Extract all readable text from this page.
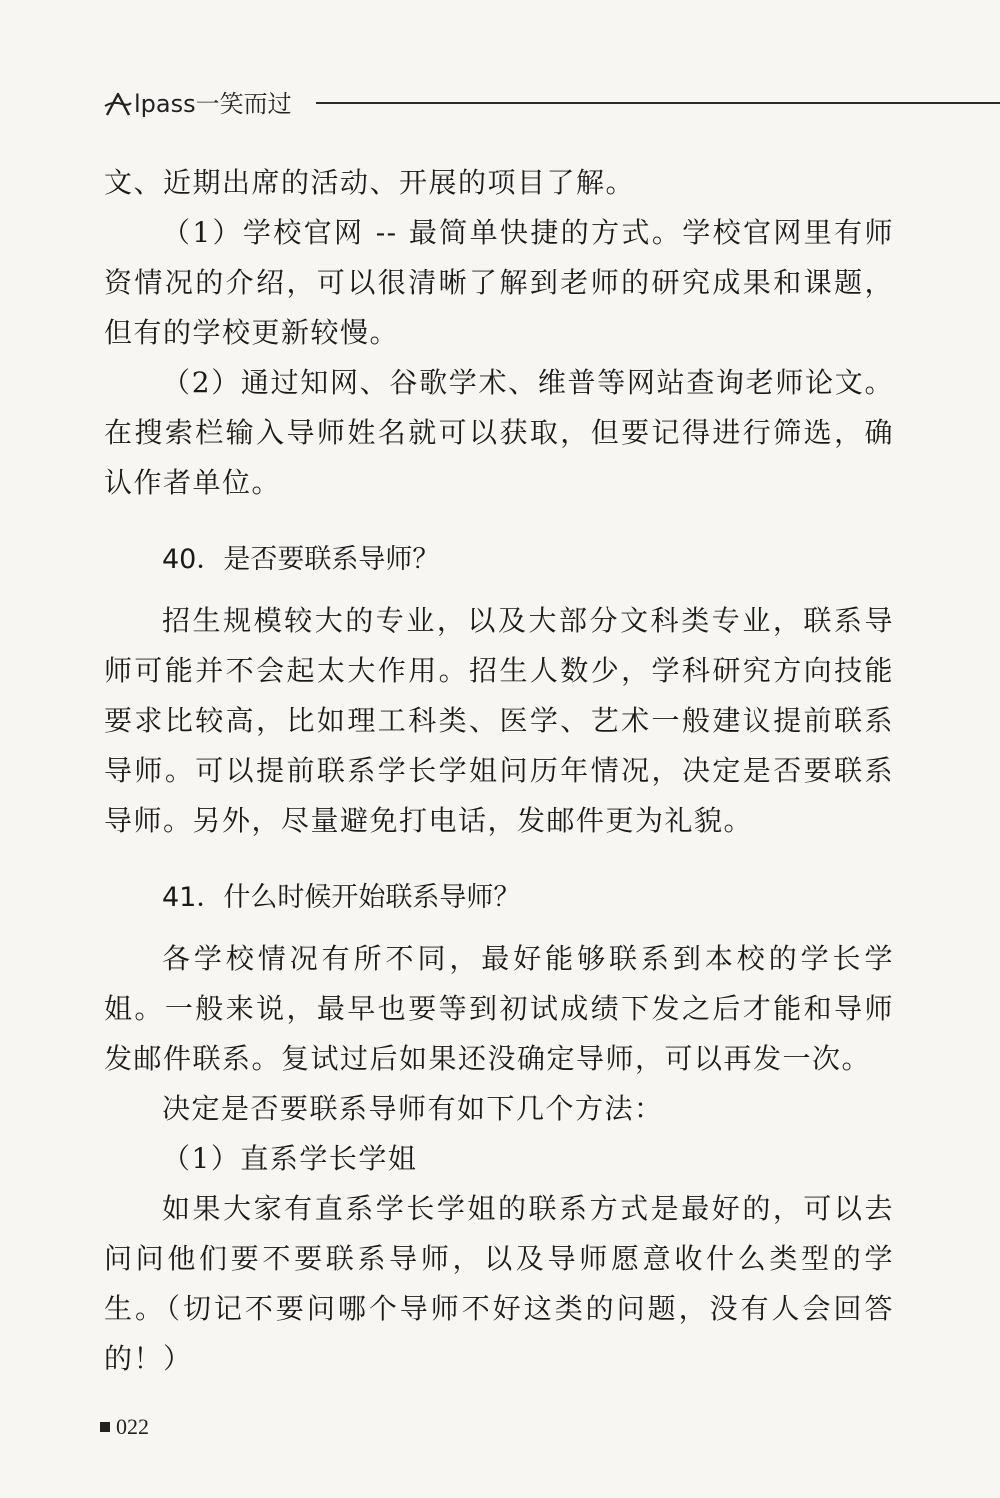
lpass 一笑而过

文、近期出席的活动、开展的项目了解。

（1）学校官网 -- 最简单快捷的方式。学校官网里有师资情况的介绍，可以很清晰了解到老师的研究成果和课题，但有的学校更新较慢。

（2）通过知网、谷歌学术、维普等网站查询老师论文。在搜索栏输入导师姓名就可以获取，但要记得进行筛选，确认作者单位。

40．是否要联系导师？

招生规模较大的专业，以及大部分文科类专业，联系导师可能并不会起太大作用。招生人数少，学科研究方向技能要求比较高，比如理工科类、医学、艺术一般建议提前联系导师。可以提前联系学长学姐问历年情况，决定是否要联系导师。另外，尽量避免打电话，发邮件更为礼貌。

41．什么时候开始联系导师？

各学校情况有所不同，最好能够联系到本校的学长学姐。一般来说，最早也要等到初试成绩下发之后才能和导师发邮件联系。复试过后如果还没确定导师，可以再发一次。

决定是否要联系导师有如下几个方法：

（1）直系学长学姐

如果大家有直系学长学姐的联系方式是最好的，可以去问问他们要不要联系导师，以及导师愿意收什么类型的学生。（切记不要问哪个导师不好这类的问题，没有人会回答的！）

022
